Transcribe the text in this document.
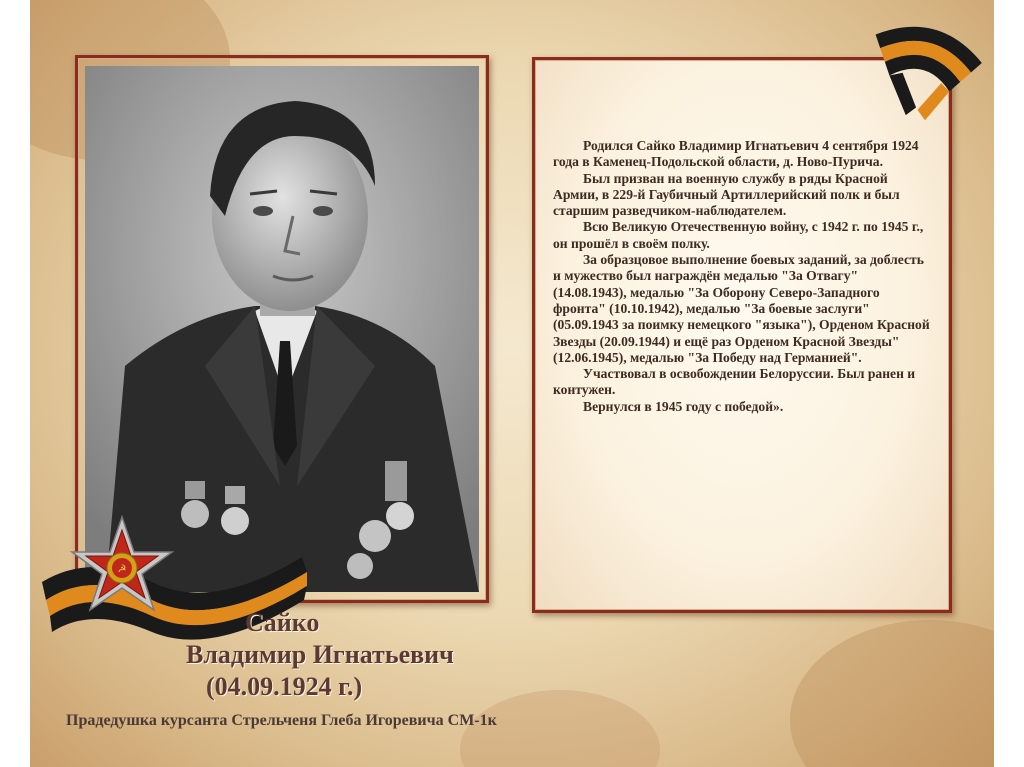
Родился Сайко Владимир Игнатьевич 4 сентября 1924 года в Каменец-Подольской области, д. Ново-Пурича.

Был призван на военную службу в ряды Красной Армии, в 229-й Гаубичный Артиллерийский полк и был старшим разведчиком-наблюдателем.

Всю Великую Отечественную войну, с 1942 г. по 1945 г., он прошёл в своём полку.

За образцовое выполнение боевых заданий, за доблесть и мужество был награждён медалью "За Отвагу" (14.08.1943), медалью "За Оборону Северо-Западного фронта" (10.10.1942), медалью "За боевые заслуги" (05.09.1943 за поимку немецкого "языка"), Орденом Красной Звезды (20.09.1944) и ещё раз Орденом Красной Звезды"(12.06.1945), медалью "За Победу над Германией".

Участвовал в освобождении Белоруссии. Был ранен и контужен.

Вернулся в 1945 году с победой».

☭
Сайко
Владимир Игнатьевич
(04.09.1924 г.)
Прадедушка курсанта Стрельченя Глеба Игоревича СМ-1к
